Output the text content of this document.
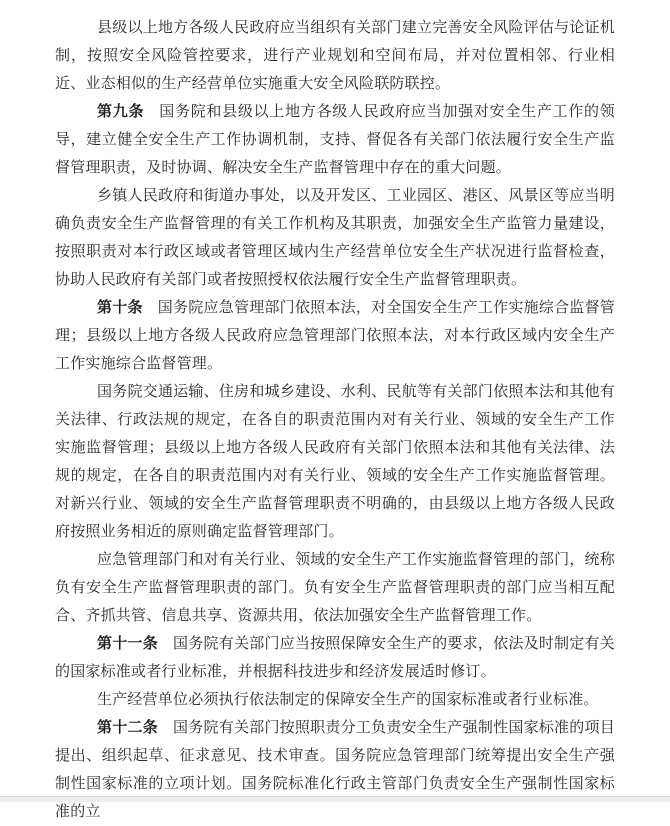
县级以上地方各级人民政府应当组织有关部门建立完善安全风险评估与论证机制，按照安全风险管控要求，进行产业规划和空间布局，并对位置相邻、行业相近、业态相似的生产经营单位实施重大安全风险联防联控。

第九条 国务院和县级以上地方各级人民政府应当加强对安全生产工作的领导，建立健全安全生产工作协调机制，支持、督促各有关部门依法履行安全生产监督管理职责，及时协调、解决安全生产监督管理中存在的重大问题。

乡镇人民政府和街道办事处，以及开发区、工业园区、港区、风景区等应当明确负责安全生产监督管理的有关工作机构及其职责，加强安全生产监管力量建设，按照职责对本行政区域或者管理区域内生产经营单位安全生产状况进行监督检查，协助人民政府有关部门或者按照授权依法履行安全生产监督管理职责。

第十条 国务院应急管理部门依照本法，对全国安全生产工作实施综合监督管理；县级以上地方各级人民政府应急管理部门依照本法，对本行政区域内安全生产工作实施综合监督管理。

国务院交通运输、住房和城乡建设、水利、民航等有关部门依照本法和其他有关法律、行政法规的规定，在各自的职责范围内对有关行业、领域的安全生产工作实施监督管理；县级以上地方各级人民政府有关部门依照本法和其他有关法律、法规的规定，在各自的职责范围内对有关行业、领域的安全生产工作实施监督管理。对新兴行业、领域的安全生产监督管理职责不明确的，由县级以上地方各级人民政府按照业务相近的原则确定监督管理部门。

应急管理部门和对有关行业、领域的安全生产工作实施监督管理的部门，统称负有安全生产监督管理职责的部门。负有安全生产监督管理职责的部门应当相互配合、齐抓共管、信息共享、资源共用，依法加强安全生产监督管理工作。

第十一条 国务院有关部门应当按照保障安全生产的要求，依法及时制定有关的国家标准或者行业标准，并根据科技进步和经济发展适时修订。

生产经营单位必须执行依法制定的保障安全生产的国家标准或者行业标准。

第十二条 国务院有关部门按照职责分工负责安全生产强制性国家标准的项目提出、组织起草、征求意见、技术审查。国务院应急管理部门统筹提出安全生产强制性国家标准的立项计划。国务院标准化行政主管部门负责安全生产强制性国家标准的立
